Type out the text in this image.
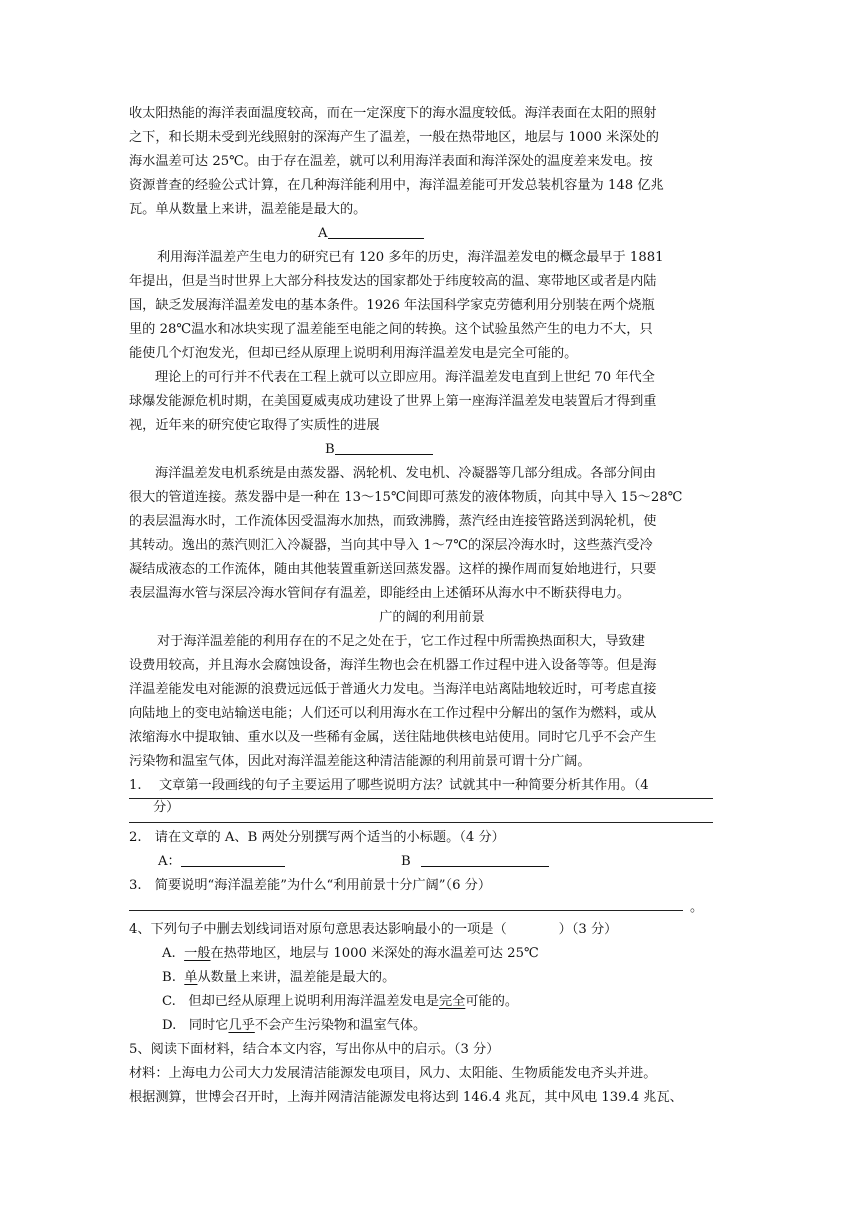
收太阳热能的海洋表面温度较高，而在一定深度下的海水温度较低。海洋表面在太阳的照射
之下，和长期未受到光线照射的深海产生了温差，一般在热带地区，地层与 1000 米深处的
海水温差可达 25℃。由于存在温差，就可以利用海洋表面和海洋深处的温度差来发电。按
资源普查的经验公式计算，在几种海洋能利用中，海洋温差能可开发总装机容量为 148 亿兆
瓦。单从数量上来讲，温差能是最大的。
A
利用海洋温差产生电力的研究已有 120 多年的历史，海洋温差发电的概念最早于 1881
年提出，但是当时世界上大部分科技发达的国家都处于纬度较高的温、寒带地区或者是内陆
国，缺乏发展海洋温差发电的基本条件。1926 年法国科学家克劳德利用分别装在两个烧瓶
里的 28℃温水和冰块实现了温差能至电能之间的转换。这个试验虽然产生的电力不大，只
能使几个灯泡发光，但却已经从原理上说明利用海洋温差发电是完全可能的。
理论上的可行并不代表在工程上就可以立即应用。海洋温差发电直到上世纪 70 年代全
球爆发能源危机时期，在美国夏威夷成功建设了世界上第一座海洋温差发电装置后才得到重
视，近年来的研究使它取得了实质性的进展
B
海洋温差发电机系统是由蒸发器、涡轮机、发电机、冷凝器等几部分组成。各部分间由
很大的管道连接。蒸发器中是一种在 13～15℃间即可蒸发的液体物质，向其中导入 15～28℃
的表层温海水时，工作流体因受温海水加热，而致沸腾，蒸汽经由连接管路送到涡轮机，使
其转动。逸出的蒸汽则汇入冷凝器，当向其中导入 1～7℃的深层冷海水时，这些蒸汽受冷
凝结成液态的工作流体，随由其他装置重新送回蒸发器。这样的操作周而复始地进行，只要
表层温海水管与深层冷海水管间存有温差，即能经由上述循环从海水中不断获得电力。
广的阔的利用前景
对于海洋温差能的利用存在的不足之处在于，它工作过程中所需换热面积大，导致建
设费用较高，并且海水会腐蚀设备，海洋生物也会在机器工作过程中进入设备等等。但是海
洋温差能发电对能源的浪费远远低于普通火力发电。当海洋电站离陆地较近时，可考虑直接
向陆地上的变电站输送电能；人们还可以利用海水在工作过程中分解出的氢作为燃料，或从
浓缩海水中提取铀、重水以及一些稀有金属，送往陆地供核电站使用。同时它几乎不会产生
污染物和温室气体，因此对海洋温差能这种清洁能源的利用前景可谓十分广阔。
1.　 文章第一段画线的句子主要运用了哪些说明方法？试就其中一种简要分析其作用。（4
分）
2.　请在文章的 A、B 两处分别撰写两个适当的小标题。（4 分）
A：	B
3.　简要说明“海洋温差能”为什么“利用前景十分广阔”（6 分）
。
4、下列句子中删去划线词语对原句意思表达影响最小的一项是（	）（3 分）
A. 一般在热带地区，地层与 1000 米深处的海水温差可达 25℃
B. 单从数量上来讲，温差能是最大的。
C. 但却已经从原理上说明利用海洋温差发电是完全可能的。
D. 同时它几乎不会产生污染物和温室气体。
5、阅读下面材料，结合本文内容，写出你从中的启示。（3 分）
材料：上海电力公司大力发展清洁能源发电项目，风力、太阳能、生物质能发电齐头并进。
根据测算，世博会召开时，上海并网清洁能源发电将达到 146.4 兆瓦，其中风电 139.4 兆瓦、
